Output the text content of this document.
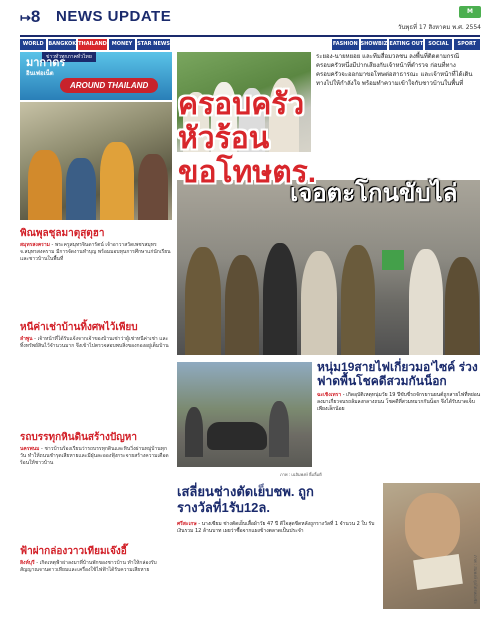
↦8 NEWS UPDATE	M
วันพุธที่ 17 สิงหาคม พ.ศ. 2554
WORLD BANGKOK THAILAND MONEY STAR NEWS	FASHION SHOWBIZ EATING OUT SOCIAL	SPORT
ข่าวทั่วทุกภาคทั่วไทย
มากาดร
อินเฟอเน็ต
AROUND THAILAND
พิณพุลชุลมาตุสุตุฮา
สมุทรสงคราม - พระครูสมุทรจินดารัตน์ เจ้าอาวาสวัดเพชรสมุทร จ.สมุทรสงคราม มีการจัดงานทำบุญ พร้อมมอบทุนการศึกษาแก่นักเรียน และชาวบ้านในพื้นที่
หนีค่าเช่าบ้านทิ้งศพไว้เพียบ
ลำพูน - เจ้าหน้าที่ได้รับแจ้งจากเจ้าของบ้านเช่าว่าผู้เช่าหนีค่าเช่า และทิ้งทรัพย์สินไว้จำนวนมาก จึงเข้าไปตรวจสอบพบสิ่งของกองอยู่เต็มบ้าน
รถบรรทุกหินดินสร้างปัญหา
นครพนม - ชาวบ้านร้องเรียนว่ารถบรรทุกดินและหินวิ่งผ่านหมู่บ้านทุกวัน ทำให้ถนนชำรุดเสียหายและมีฝุ่นละอองฟุ้งกระจายสร้างความเดือดร้อนให้ชาวบ้าน
ฟ้าผ่ากล่องวาวเทียมเจ๊งอี๊
สิงห์บุรี - เกิดเหตุฟ้าผ่าลงมาที่บ้านพักของชาวบ้าน ทำให้กล่องรับสัญญาณจานดาวเทียมและเครื่องใช้ไฟฟ้าได้รับความเสียหาย
ระยอง-นายหยอย และทีมสื่อมวลชน ลงพื้นที่ติดตามกรณีครอบครัวหนึ่งมีปากเสียงกับเจ้าหน้าที่ตำรวจ ก่อนที่ทางครอบครัวจะออกมาขอโทษต่อสาธารณะ และเจ้าหน้าที่ได้เดินทางไปให้กำลังใจ พร้อมทำความเข้าใจกับชาวบ้านในพื้นที่
ครอบครัว
หัวร้อน
ขอโทษตร.
เจอตะโกนขับไล่
ภาพ : เฉลิมพงษ์ ยิ้มลิ้มดี
หนุ่ม19สายไฟเกี่ยวมอ'ไซค์ ร่วงฟาดพื้นโชคดีสวมกันน็อก
ฉะเชิงเทรา - เกิดอุบัติเหตุหนุ่มวัย 19 ปีขับขี่รถจักรยานยนต์ถูกสายไฟที่หย่อนลงมาเกี่ยวจนรถล้มลงกลางถนน โชคดีที่สวมหมวกกันน็อก จึงได้รับบาดเจ็บเพียงเล็กน้อย
เสลี่ยนช่างตัดเย็บชพ. ถูกรางวัลที่1รับ12ล.
ศรีสะเกษ - นางเซียม ช่างตัดเย็บเสื้อผ้าวัย 47 ปี ดีใจสุดขีดหลังถูกรางวัลที่ 1 จำนวน 2 ใบ รับเงินรวม 12 ล้านบาท เผยว่าซื้อจากแผงข้างตลาดเป็นประจำ
ภาพ : สมพงษ์ กุลไตรทองชัย
